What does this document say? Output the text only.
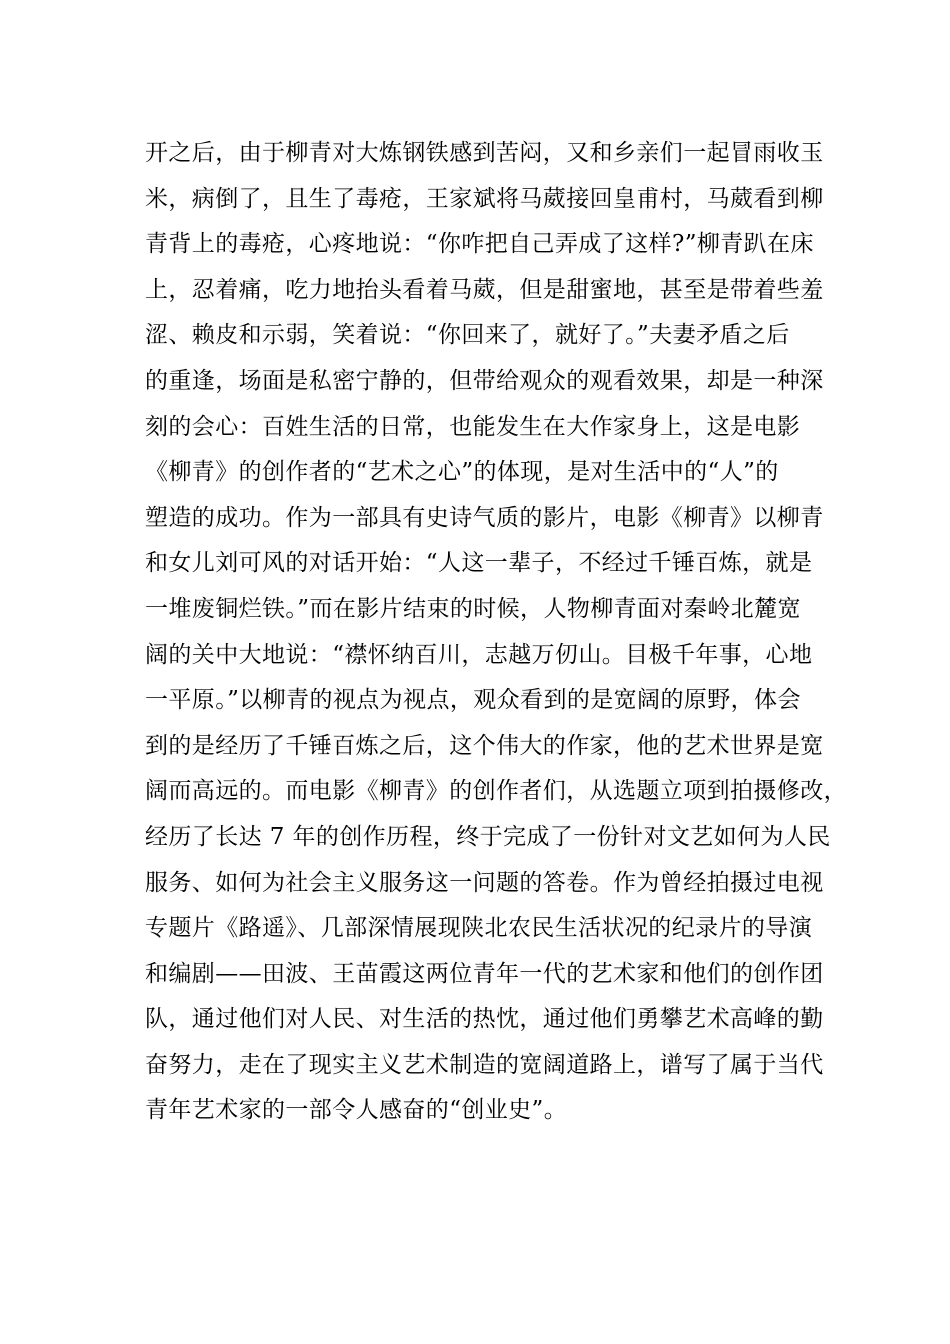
开之后，由于柳青对大炼钢铁感到苦闷，又和乡亲们一起冒雨收玉
米，病倒了，且生了毒疮，王家斌将马葳接回皇甫村，马葳看到柳
青背上的毒疮，心疼地说：“你咋把自己弄成了这样?”柳青趴在床
上，忍着痛，吃力地抬头看着马葳，但是甜蜜地，甚至是带着些羞
涩、赖皮和示弱，笑着说：“你回来了，就好了。”夫妻矛盾之后
的重逢，场面是私密宁静的，但带给观众的观看效果，却是一种深
刻的会心：百姓生活的日常，也能发生在大作家身上，这是电影
《柳青》的创作者的“艺术之心”的体现，是对生活中的“人”的
塑造的成功。作为一部具有史诗气质的影片，电影《柳青》以柳青
和女儿刘可风的对话开始：“人这一辈子，不经过千锤百炼，就是
一堆废铜烂铁。”而在影片结束的时候，人物柳青面对秦岭北麓宽
阔的关中大地说：“襟怀纳百川，志越万仞山。目极千年事，心地
一平原。”以柳青的视点为视点，观众看到的是宽阔的原野，体会
到的是经历了千锤百炼之后，这个伟大的作家，他的艺术世界是宽
阔而高远的。而电影《柳青》的创作者们，从选题立项到拍摄修改，
经历了长达 7 年的创作历程，终于完成了一份针对文艺如何为人民
服务、如何为社会主义服务这一问题的答卷。作为曾经拍摄过电视
专题片《路遥》、几部深情展现陕北农民生活状况的纪录片的导演
和编剧——田波、王苗霞这两位青年一代的艺术家和他们的创作团
队，通过他们对人民、对生活的热忱，通过他们勇攀艺术高峰的勤
奋努力，走在了现实主义艺术制造的宽阔道路上，谱写了属于当代
青年艺术家的一部令人感奋的“创业史”。
